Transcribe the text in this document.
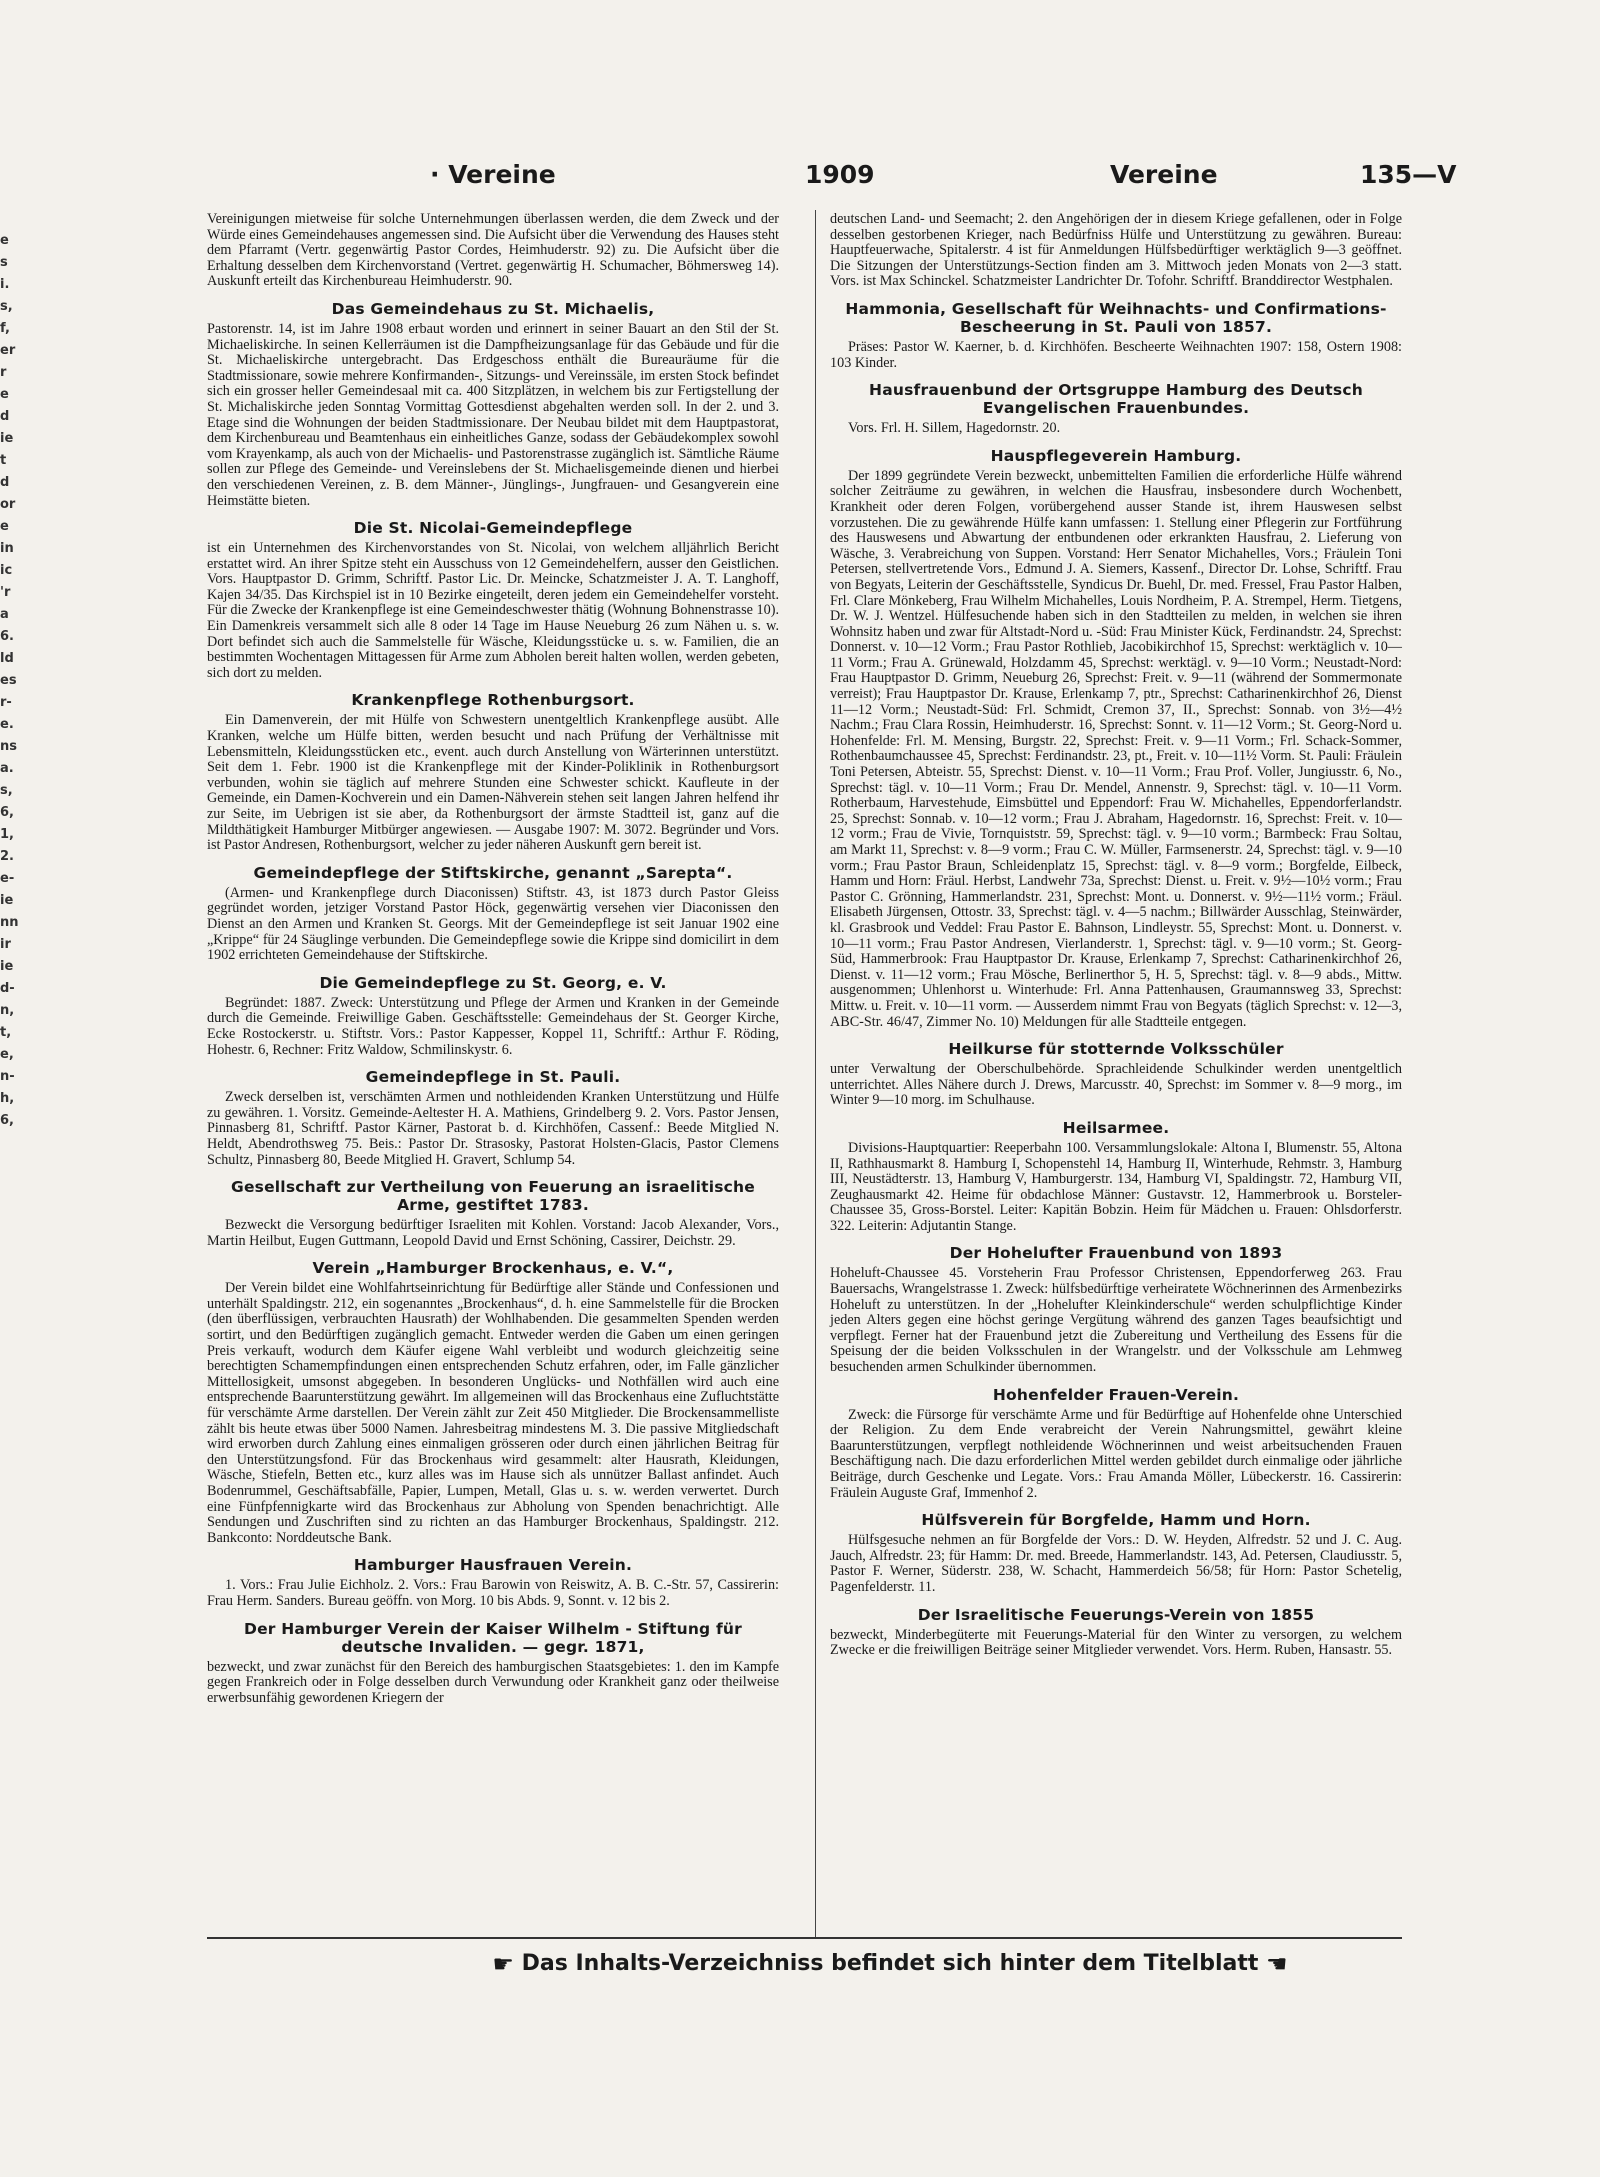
e
s
i.
s,
f,
er
r
e
d
ie
t
d
or
e
in
ic
'r
a
6.
ld
es
r-
e.
ns
a.
s,
6,
1,
2.
e-
ie
nn
ir
ie
d-
n,
t,
e,
n-
h,
6,
· Vereine	1909	Vereine	135—V

Vereinigungen mietweise für solche Unternehmungen überlassen werden, die dem Zweck und der Würde eines Gemeindehauses angemessen sind. Die Aufsicht über die Verwendung des Hauses steht dem Pfarramt (Vertr. gegenwärtig Pastor Cordes, Heimhuderstr. 92) zu. Die Aufsicht über die Erhaltung desselben dem Kirchenvorstand (Vertret. gegenwärtig H. Schumacher, Böhmersweg 14). Auskunft erteilt das Kirchenbureau Heimhuderstr. 90.

Das Gemeindehaus zu St. Michaelis,

Pastorenstr. 14, ist im Jahre 1908 erbaut worden und erinnert in seiner Bauart an den Stil der St. Michaeliskirche. In seinen Kellerräumen ist die Dampfheizungsanlage für das Gebäude und für die St. Michaeliskirche untergebracht. Das Erdgeschoss enthält die Bureauräume für die Stadtmissionare, sowie mehrere Konfirmanden-, Sitzungs- und Vereinssäle, im ersten Stock befindet sich ein grosser heller Gemeindesaal mit ca. 400 Sitzplätzen, in welchem bis zur Fertigstellung der St. Michaliskirche jeden Sonntag Vormittag Gottesdienst abgehalten werden soll. In der 2. und 3. Etage sind die Wohnungen der beiden Stadtmissionare. Der Neubau bildet mit dem Hauptpastorat, dem Kirchenbureau und Beamtenhaus ein einheitliches Ganze, sodass der Gebäudekomplex sowohl vom Krayenkamp, als auch von der Michaelis- und Pastorenstrasse zugänglich ist. Sämtliche Räume sollen zur Pflege des Gemeinde- und Vereinslebens der St. Michaelisgemeinde dienen und hierbei den verschiedenen Vereinen, z. B. dem Männer-, Jünglings-, Jungfrauen- und Gesangverein eine Heimstätte bieten.

Die St. Nicolai-Gemeindepflege

ist ein Unternehmen des Kirchenvorstandes von St. Nicolai, von welchem alljährlich Bericht erstattet wird. An ihrer Spitze steht ein Ausschuss von 12 Gemeindehelfern, ausser den Geistlichen. Vors. Hauptpastor D. Grimm, Schriftf. Pastor Lic. Dr. Meincke, Schatzmeister J. A. T. Langhoff, Kajen 34/35. Das Kirchspiel ist in 10 Bezirke eingeteilt, deren jedem ein Gemeindehelfer vorsteht. Für die Zwecke der Krankenpflege ist eine Gemeindeschwester thätig (Wohnung Bohnenstrasse 10). Ein Damenkreis versammelt sich alle 8 oder 14 Tage im Hause Neueburg 26 zum Nähen u. s. w. Dort befindet sich auch die Sammelstelle für Wäsche, Kleidungsstücke u. s. w. Familien, die an bestimmten Wochentagen Mittagessen für Arme zum Abholen bereit halten wollen, werden gebeten, sich dort zu melden.

Krankenpflege Rothenburgsort.

Ein Damenverein, der mit Hülfe von Schwestern unentgeltlich Krankenpflege ausübt. Alle Kranken, welche um Hülfe bitten, werden besucht und nach Prüfung der Verhältnisse mit Lebensmitteln, Kleidungsstücken etc., event. auch durch Anstellung von Wärterinnen unterstützt. Seit dem 1. Febr. 1900 ist die Krankenpflege mit der Kinder-Poliklinik in Rothenburgsort verbunden, wohin sie täglich auf mehrere Stunden eine Schwester schickt. Kaufleute in der Gemeinde, ein Damen-Kochverein und ein Damen-Nähverein stehen seit langen Jahren helfend ihr zur Seite, im Uebrigen ist sie aber, da Rothenburgsort der ärmste Stadtteil ist, ganz auf die Mildthätigkeit Hamburger Mitbürger angewiesen. — Ausgabe 1907: M. 3072. Begründer und Vors. ist Pastor Andresen, Rothenburgsort, welcher zu jeder näheren Auskunft gern bereit ist.

Gemeindepflege der Stiftskirche, genannt „Sarepta“.

(Armen- und Krankenpflege durch Diaconissen) Stiftstr. 43, ist 1873 durch Pastor Gleiss gegründet worden, jetziger Vorstand Pastor Höck, gegenwärtig versehen vier Diaconissen den Dienst an den Armen und Kranken St. Georgs. Mit der Gemeindepflege ist seit Januar 1902 eine „Krippe“ für 24 Säuglinge verbunden. Die Gemeindepflege sowie die Krippe sind domicilirt in dem 1902 errichteten Gemeindehause der Stiftskirche.

Die Gemeindepflege zu St. Georg, e. V.

Begründet: 1887. Zweck: Unterstützung und Pflege der Armen und Kranken in der Gemeinde durch die Gemeinde. Freiwillige Gaben. Geschäftsstelle: Gemeindehaus der St. Georger Kirche, Ecke Rostockerstr. u. Stiftstr. Vors.: Pastor Kappesser, Koppel 11, Schriftf.: Arthur F. Röding, Hohestr. 6, Rechner: Fritz Waldow, Schmilinskystr. 6.

Gemeindepflege in St. Pauli.

Zweck derselben ist, verschämten Armen und nothleidenden Kranken Unterstützung und Hülfe zu gewähren. 1. Vorsitz. Gemeinde-Aeltester H. A. Mathiens, Grindelberg 9. 2. Vors. Pastor Jensen, Pinnasberg 81, Schriftf. Pastor Kärner, Pastorat b. d. Kirchhöfen, Cassenf.: Beede Mitglied N. Heldt, Abendrothsweg 75. Beis.: Pastor Dr. Strasosky, Pastorat Holsten-Glacis, Pastor Clemens Schultz, Pinnasberg 80, Beede Mitglied H. Gravert, Schlump 54.

Gesellschaft zur Vertheilung von Feuerung an israelitische Arme, gestiftet 1783.

Bezweckt die Versorgung bedürftiger Israeliten mit Kohlen. Vorstand: Jacob Alexander, Vors., Martin Heilbut, Eugen Guttmann, Leopold David und Ernst Schöning, Cassirer, Deichstr. 29.

Verein „Hamburger Brockenhaus, e. V.“,

Der Verein bildet eine Wohlfahrtseinrichtung für Bedürftige aller Stände und Confessionen und unterhält Spaldingstr. 212, ein sogenanntes „Brockenhaus“, d. h. eine Sammelstelle für die Brocken (den überflüssigen, verbrauchten Hausrath) der Wohlhabenden. Die gesammelten Spenden werden sortirt, und den Bedürftigen zugänglich gemacht. Entweder werden die Gaben um einen geringen Preis verkauft, wodurch dem Käufer eigene Wahl verbleibt und wodurch gleichzeitig seine berechtigten Schamempfindungen einen entsprechenden Schutz erfahren, oder, im Falle gänzlicher Mittellosigkeit, umsonst abgegeben. In besonderen Unglücks- und Nothfällen wird auch eine entsprechende Baarunterstützung gewährt. Im allgemeinen will das Brockenhaus eine Zufluchtstätte für verschämte Arme darstellen. Der Verein zählt zur Zeit 450 Mitglieder. Die Brockensammelliste zählt bis heute etwas über 5000 Namen. Jahresbeitrag mindestens M. 3. Die passive Mitgliedschaft wird erworben durch Zahlung eines einmaligen grösseren oder durch einen jährlichen Beitrag für den Unterstützungsfond. Für das Brockenhaus wird gesammelt: alter Hausrath, Kleidungen, Wäsche, Stiefeln, Betten etc., kurz alles was im Hause sich als unnützer Ballast anfindet. Auch Bodenrummel, Geschäftsabfälle, Papier, Lumpen, Metall, Glas u. s. w. werden verwertet. Durch eine Fünfpfennigkarte wird das Brockenhaus zur Abholung von Spenden benachrichtigt. Alle Sendungen und Zuschriften sind zu richten an das Hamburger Brockenhaus, Spaldingstr. 212. Bankconto: Norddeutsche Bank.

Hamburger Hausfrauen Verein.

1. Vors.: Frau Julie Eichholz. 2. Vors.: Frau Barowin von Reiswitz, A. B. C.-Str. 57, Cassirerin: Frau Herm. Sanders. Bureau geöffn. von Morg. 10 bis Abds. 9, Sonnt. v. 12 bis 2.

Der Hamburger Verein der Kaiser Wilhelm - Stiftung für deutsche Invaliden. — gegr. 1871,

bezweckt, und zwar zunächst für den Bereich des hamburgischen Staatsgebietes: 1. den im Kampfe gegen Frankreich oder in Folge desselben durch Verwundung oder Krankheit ganz oder theilweise erwerbsunfähig gewordenen Kriegern der

deutschen Land- und Seemacht; 2. den Angehörigen der in diesem Kriege gefallenen, oder in Folge desselben gestorbenen Krieger, nach Bedürfniss Hülfe und Unterstützung zu gewähren. Bureau: Hauptfeuerwache, Spitalerstr. 4 ist für Anmeldungen Hülfsbedürftiger werktäglich 9—3 geöffnet. Die Sitzungen der Unterstützungs-Section finden am 3. Mittwoch jeden Monats von 2—3 statt. Vors. ist Max Schinckel. Schatzmeister Landrichter Dr. Tofohr. Schriftf. Branddirector Westphalen.

Hammonia, Gesellschaft für Weihnachts- und Confirmations-Bescheerung in St. Pauli von 1857.

Präses: Pastor W. Kaerner, b. d. Kirchhöfen. Bescheerte Weihnachten 1907: 158, Ostern 1908: 103 Kinder.

Hausfrauenbund der Ortsgruppe Hamburg des Deutsch Evangelischen Frauenbundes.

Vors. Frl. H. Sillem, Hagedornstr. 20.

Hauspflegeverein Hamburg.

Der 1899 gegründete Verein bezweckt, unbemittelten Familien die erforderliche Hülfe während solcher Zeiträume zu gewähren, in welchen die Hausfrau, insbesondere durch Wochenbett, Krankheit oder deren Folgen, vorübergehend ausser Stande ist, ihrem Hauswesen selbst vorzustehen. Die zu gewährende Hülfe kann umfassen: 1. Stellung einer Pflegerin zur Fortführung des Hauswesens und Abwartung der entbundenen oder erkrankten Hausfrau, 2. Lieferung von Wäsche, 3. Verabreichung von Suppen. Vorstand: Herr Senator Michahelles, Vors.; Fräulein Toni Petersen, stellvertretende Vors., Edmund J. A. Siemers, Kassenf., Director Dr. Lohse, Schriftf. Frau von Begyats, Leiterin der Geschäftsstelle, Syndicus Dr. Buehl, Dr. med. Fressel, Frau Pastor Halben, Frl. Clare Mönkeberg, Frau Wilhelm Michahelles, Louis Nordheim, P. A. Strempel, Herm. Tietgens, Dr. W. J. Wentzel. Hülfesuchende haben sich in den Stadtteilen zu melden, in welchen sie ihren Wohnsitz haben und zwar für Altstadt-Nord u. -Süd: Frau Minister Kück, Ferdinandstr. 24, Sprechst: Donnerst. v. 10—12 Vorm.; Frau Pastor Rothlieb, Jacobikirchhof 15, Sprechst: werktäglich v. 10—11 Vorm.; Frau A. Grünewald, Holzdamm 45, Sprechst: werktägl. v. 9—10 Vorm.; Neustadt-Nord: Frau Hauptpastor D. Grimm, Neueburg 26, Sprechst: Freit. v. 9—11 (während der Sommermonate verreist); Frau Hauptpastor Dr. Krause, Erlenkamp 7, ptr., Sprechst: Catharinenkirchhof 26, Dienst 11—12 Vorm.; Neustadt-Süd: Frl. Schmidt, Cremon 37, II., Sprechst: Sonnab. von 3½—4½ Nachm.; Frau Clara Rossin, Heimhuderstr. 16, Sprechst: Sonnt. v. 11—12 Vorm.; St. Georg-Nord u. Hohenfelde: Frl. M. Mensing, Burgstr. 22, Sprechst: Freit. v. 9—11 Vorm.; Frl. Schack-Sommer, Rothenbaumchaussee 45, Sprechst: Ferdinandstr. 23, pt., Freit. v. 10—11½ Vorm. St. Pauli: Fräulein Toni Petersen, Abteistr. 55, Sprechst: Dienst. v. 10—11 Vorm.; Frau Prof. Voller, Jungiusstr. 6, No., Sprechst: tägl. v. 10—11 Vorm.; Frau Dr. Mendel, Annenstr. 9, Sprechst: tägl. v. 10—11 Vorm. Rotherbaum, Harvestehude, Eimsbüttel und Eppendorf: Frau W. Michahelles, Eppendorferlandstr. 25, Sprechst: Sonnab. v. 10—12 vorm.; Frau J. Abraham, Hagedornstr. 16, Sprechst: Freit. v. 10—12 vorm.; Frau de Vivie, Tornquiststr. 59, Sprechst: tägl. v. 9—10 vorm.; Barmbeck: Frau Soltau, am Markt 11, Sprechst: v. 8—9 vorm.; Frau C. W. Müller, Farmsenerstr. 24, Sprechst: tägl. v. 9—10 vorm.; Frau Pastor Braun, Schleidenplatz 15, Sprechst: tägl. v. 8—9 vorm.; Borgfelde, Eilbeck, Hamm und Horn: Fräul. Herbst, Landwehr 73a, Sprechst: Dienst. u. Freit. v. 9½—10½ vorm.; Frau Pastor C. Grönning, Hammerlandstr. 231, Sprechst: Mont. u. Donnerst. v. 9½—11½ vorm.; Fräul. Elisabeth Jürgensen, Ottostr. 33, Sprechst: tägl. v. 4—5 nachm.; Billwärder Ausschlag, Steinwärder, kl. Grasbrook und Veddel: Frau Pastor E. Bahnson, Lindleystr. 55, Sprechst: Mont. u. Donnerst. v. 10—11 vorm.; Frau Pastor Andresen, Vierlanderstr. 1, Sprechst: tägl. v. 9—10 vorm.; St. Georg-Süd, Hammerbrook: Frau Hauptpastor Dr. Krause, Erlenkamp 7, Sprechst: Catharinenkirchhof 26, Dienst. v. 11—12 vorm.; Frau Mösche, Berlinerthor 5, H. 5, Sprechst: tägl. v. 8—9 abds., Mittw. ausgenommen; Uhlenhorst u. Winterhude: Frl. Anna Pattenhausen, Graumannsweg 33, Sprechst: Mittw. u. Freit. v. 10—11 vorm. — Ausserdem nimmt Frau von Begyats (täglich Sprechst: v. 12—3, ABC-Str. 46/47, Zimmer No. 10) Meldungen für alle Stadtteile entgegen.

Heilkurse für stotternde Volksschüler

unter Verwaltung der Oberschulbehörde. Sprachleidende Schulkinder werden unentgeltlich unterrichtet. Alles Nähere durch J. Drews, Marcusstr. 40, Sprechst: im Sommer v. 8—9 morg., im Winter 9—10 morg. im Schulhause.

Heilsarmee.

Divisions-Hauptquartier: Reeperbahn 100. Versammlungslokale: Altona I, Blumenstr. 55, Altona II, Rathhausmarkt 8. Hamburg I, Schopenstehl 14, Hamburg II, Winterhude, Rehmstr. 3, Hamburg III, Neustädterstr. 13, Hamburg V, Hamburgerstr. 134, Hamburg VI, Spaldingstr. 72, Hamburg VII, Zeughausmarkt 42. Heime für obdachlose Männer: Gustavstr. 12, Hammerbrook u. Borsteler-Chaussee 35, Gross-Borstel. Leiter: Kapitän Bobzin. Heim für Mädchen u. Frauen: Ohlsdorferstr. 322. Leiterin: Adjutantin Stange.

Der Hohelufter Frauenbund von 1893

Hoheluft-Chaussee 45. Vorsteherin Frau Professor Christensen, Eppendorferweg 263. Frau Bauersachs, Wrangelstrasse 1. Zweck: hülfsbedürftige verheiratete Wöchnerinnen des Armenbezirks Hoheluft zu unterstützen. In der „Hohelufter Kleinkinderschule“ werden schulpflichtige Kinder jeden Alters gegen eine höchst geringe Vergütung während des ganzen Tages beaufsichtigt und verpflegt. Ferner hat der Frauenbund jetzt die Zubereitung und Vertheilung des Essens für die Speisung der die beiden Volksschulen in der Wrangelstr. und der Volksschule am Lehmweg besuchenden armen Schulkinder übernommen.

Hohenfelder Frauen-Verein.

Zweck: die Fürsorge für verschämte Arme und für Bedürftige auf Hohenfelde ohne Unterschied der Religion. Zu dem Ende verabreicht der Verein Nahrungsmittel, gewährt kleine Baarunterstützungen, verpflegt nothleidende Wöchnerinnen und weist arbeitsuchenden Frauen Beschäftigung nach. Die dazu erforderlichen Mittel werden gebildet durch einmalige oder jährliche Beiträge, durch Geschenke und Legate. Vors.: Frau Amanda Möller, Lübeckerstr. 16. Cassirerin: Fräulein Auguste Graf, Immenhof 2.

Hülfsverein für Borgfelde, Hamm und Horn.

Hülfsgesuche nehmen an für Borgfelde der Vors.: D. W. Heyden, Alfredstr. 52 und J. C. Aug. Jauch, Alfredstr. 23; für Hamm: Dr. med. Breede, Hammerlandstr. 143, Ad. Petersen, Claudiusstr. 5, Pastor F. Werner, Süderstr. 238, W. Schacht, Hammerdeich 56/58; für Horn: Pastor Schetelig, Pagenfelderstr. 11.

Der Israelitische Feuerungs-Verein von 1855

bezweckt, Minderbegüterte mit Feuerungs-Material für den Winter zu versorgen, zu welchem Zwecke er die freiwilligen Beiträge seiner Mitglieder verwendet. Vors. Herm. Ruben, Hansastr. 55.

☛ Das Inhalts-Verzeichniss befindet sich hinter dem Titelblatt ☚
